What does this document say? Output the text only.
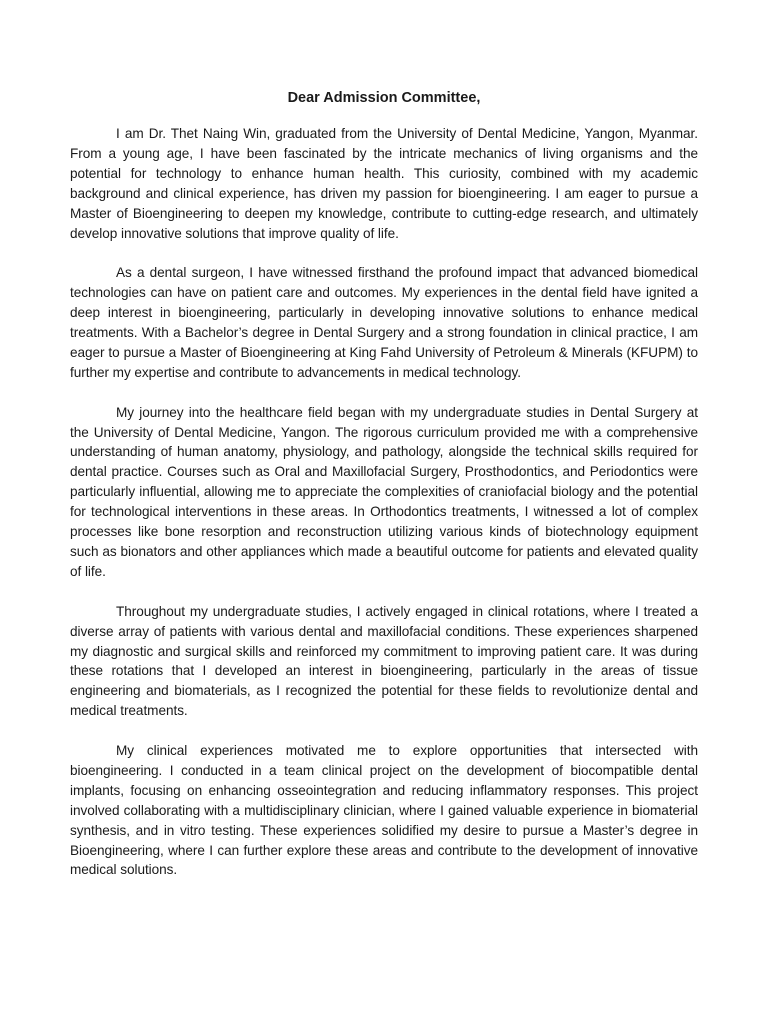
Dear Admission Committee,

I am Dr. Thet Naing Win, graduated from the University of Dental Medicine, Yangon, Myanmar. From a young age, I have been fascinated by the intricate mechanics of living organisms and the potential for technology to enhance human health. This curiosity, combined with my academic background and clinical experience, has driven my passion for bioengineering. I am eager to pursue a Master of Bioengineering to deepen my knowledge, contribute to cutting-edge research, and ultimately develop innovative solutions that improve quality of life.

As a dental surgeon, I have witnessed firsthand the profound impact that advanced biomedical technologies can have on patient care and outcomes. My experiences in the dental field have ignited a deep interest in bioengineering, particularly in developing innovative solutions to enhance medical treatments. With a Bachelor’s degree in Dental Surgery and a strong foundation in clinical practice, I am eager to pursue a Master of Bioengineering at King Fahd University of Petroleum & Minerals (KFUPM) to further my expertise and contribute to advancements in medical technology.

My journey into the healthcare field began with my undergraduate studies in Dental Surgery at the University of Dental Medicine, Yangon. The rigorous curriculum provided me with a comprehensive understanding of human anatomy, physiology, and pathology, alongside the technical skills required for dental practice. Courses such as Oral and Maxillofacial Surgery, Prosthodontics, and Periodontics were particularly influential, allowing me to appreciate the complexities of craniofacial biology and the potential for technological interventions in these areas. In Orthodontics treatments, I witnessed a lot of complex processes like bone resorption and reconstruction utilizing various kinds of biotechnology equipment such as bionators and other appliances which made a beautiful outcome for patients and elevated quality of life.

Throughout my undergraduate studies, I actively engaged in clinical rotations, where I treated a diverse array of patients with various dental and maxillofacial conditions. These experiences sharpened my diagnostic and surgical skills and reinforced my commitment to improving patient care. It was during these rotations that I developed an interest in bioengineering, particularly in the areas of tissue engineering and biomaterials, as I recognized the potential for these fields to revolutionize dental and medical treatments.

My clinical experiences motivated me to explore opportunities that intersected with bioengineering. I conducted in a team clinical project on the development of biocompatible dental implants, focusing on enhancing osseointegration and reducing inflammatory responses. This project involved collaborating with a multidisciplinary clinician, where I gained valuable experience in biomaterial synthesis, and in vitro testing. These experiences solidified my desire to pursue a Master’s degree in Bioengineering, where I can further explore these areas and contribute to the development of innovative medical solutions.
